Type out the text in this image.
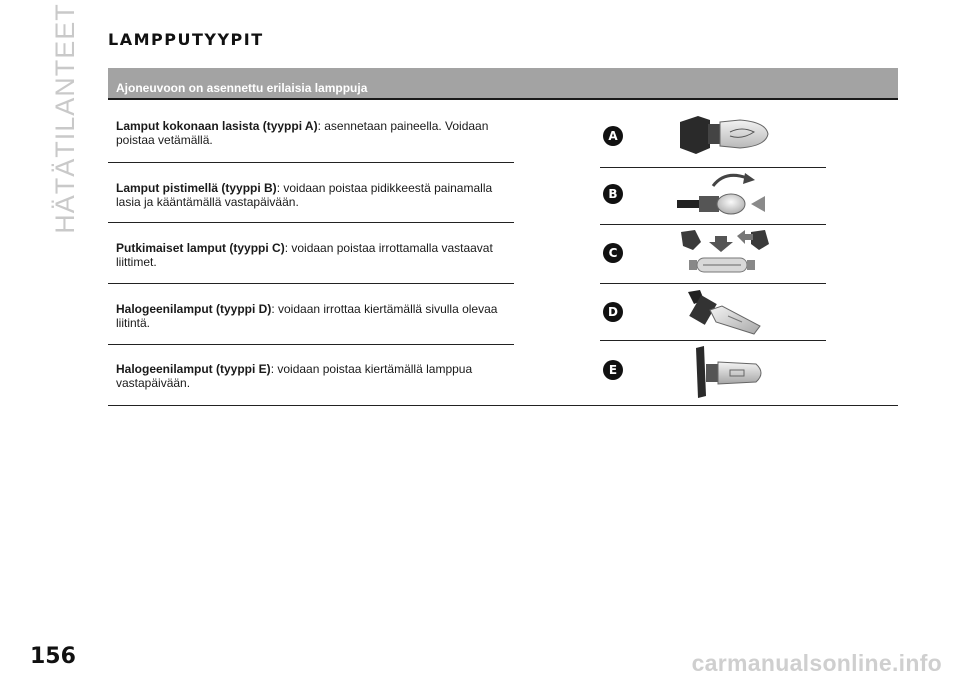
HÄTÄTILANTEET LAMPPUTYYPIT
Ajoneuvoon on asennettu erilaisia lamppuja
Lamput kokonaan lasista (tyyppi A): asennetaan paineella. Voidaan poistaa vetämällä.
Lamput pistimellä (tyyppi B): voidaan poistaa pidikkeestä painamalla lasia ja kääntämällä vastapäivään.
Putkimaiset lamput (tyyppi C): voidaan poistaa irrottamalla vastaavat liittimet.
Halogeenilamput (tyyppi D): voidaan irrottaa kiertämällä sivulla olevaa liitintä.
Halogeenilamput (tyyppi E): voidaan poistaa kiertämällä lamppua vastapäivään.
A
B
C
D
E
156	carmanualsonline.info
